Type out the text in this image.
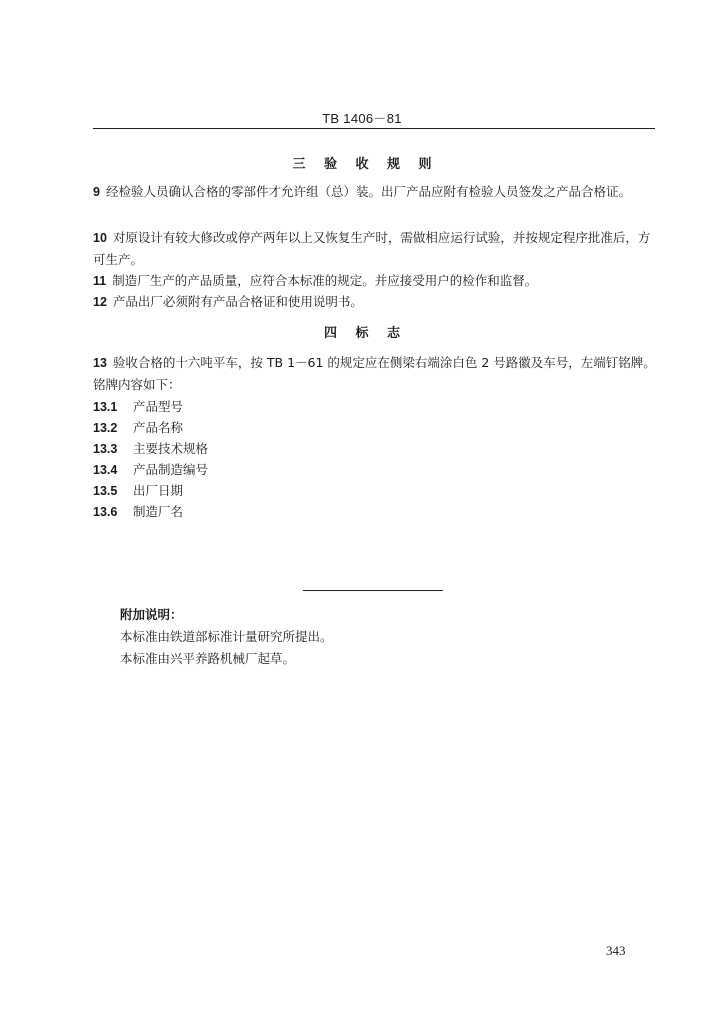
TB 1406－81
三 验 收 规 则
9 经检验人员确认合格的零部件才允许组（总）装。出厂产品应附有检验人员签发之产品合格证。
10 对原设计有较大修改或停产两年以上又恢复生产时，需做相应运行试验，并按规定程序批准后，方可生产。
11 制造厂生产的产品质量，应符合本标准的规定。并应接受用户的检作和监督。
12 产品出厂必须附有产品合格证和使用说明书。
四 标 志
13 验收合格的十六吨平车，按 TB 1－61 的规定应在侧梁右端涂白色 2 号路徽及车号，左端钉铭牌。铭牌内容如下：
13.1 产品型号
13.2 产品名称
13.3 主要技术规格
13.4 产品制造编号
13.5 出厂日期
13.6 制造厂名
附加说明：
本标准由铁道部标准计量研究所提出。
本标准由兴平养路机械厂起草。
343
